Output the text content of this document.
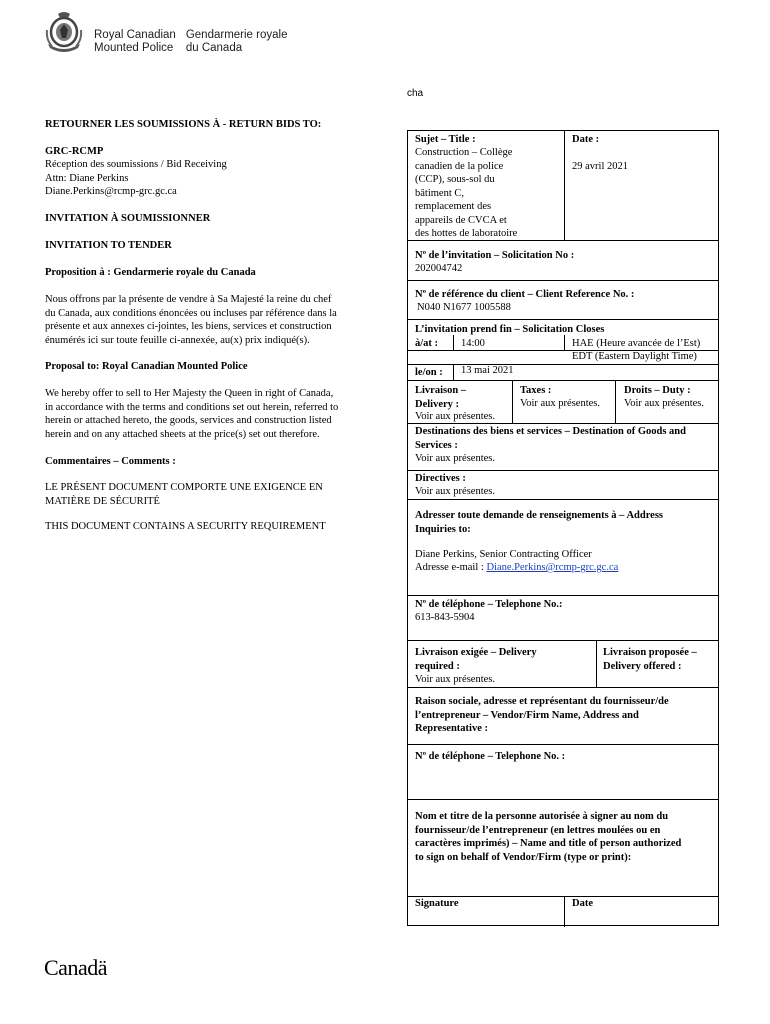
Royal Canadian
Mounted PoliceGendarmerie royale
du Canada
cha
RETOURNER LES SOUMISSIONS À - RETURN BIDS TO:
GRC-RCMP
Réception des soumissions / Bid Receiving
Attn: Diane Perkins
Diane.Perkins@rcmp-grc.gc.ca
INVITATION À SOUMISSIONNER
INVITATION TO TENDER
Proposition à : Gendarmerie royale du Canada

Nous offrons par la présente de vendre à Sa Majesté la reine du chef

du Canada, aux conditions énoncées ou incluses par référence dans la

présente et aux annexes ci-jointes, les biens, services et construction

énumérés ici sur toute feuille ci-annexée, au(x) prix indiqué(s).

Proposal to: Royal Canadian Mounted Police

We hereby offer to sell to Her Majesty the Queen in right of Canada,

in accordance with the terms and conditions set out herein, referred to

herein or attached hereto, the goods, services and construction listed

herein and on any attached sheets at the price(s) set out therefore.

Commentaires – Comments :

LE PRÉSENT DOCUMENT COMPORTE UNE EXIGENCE EN

MATIÈRE DE SÉCURITÉ

THIS DOCUMENT CONTAINS A SECURITY REQUIREMENT
Sujet – Title :

Construction – Collège

canadien de la police

(CCP), sous-sol du

bâtiment C,

remplacement des

appareils de CVCA et

des hottes de laboratoire

Date :
29 avril 2021
Nº de l’invitation – Solicitation No :
202004742
Nº de référence du client – Client Reference No. :
N040 N1677 1005588
L’invitation prend fin – Solicitation Closes
à/at : 14:00	HAE (Heure avancée de l’Est)
EDT (Eastern Daylight Time)
le/on : 13 mai 2021

Livraison –

Delivery :

Voir aux présentes.
Taxes :
Voir aux présentes.
Droits – Duty :
Voir aux présentes.

Destinations des biens et services – Destination of Goods and

Services :

Voir aux présentes.
Directives :
Voir aux présentes.

Adresser toute demande de renseignements à – Address

Inquiries to:

Diane Perkins, Senior Contracting Officer
Adresse e-mail : Diane.Perkins@rcmp-grc.gc.ca
Nº de téléphone – Telephone No.:
613-843-5904

Livraison exigée – Delivery

required :

Voir aux présentes.

Livraison proposée –

Delivery offered :

Raison sociale, adresse et représentant du fournisseur/de

l’entrepreneur – Vendor/Firm Name, Address and

Representative :

Nº de téléphone – Telephone No. :

Nom et titre de la personne autorisée à signer au nom du

fournisseur/de l’entrepreneur (en lettres moulées ou en

caractères imprimés) – Name and title of person authorized

to sign on behalf of Vendor/Firm (type or print):

Signature	Date
Canadä
